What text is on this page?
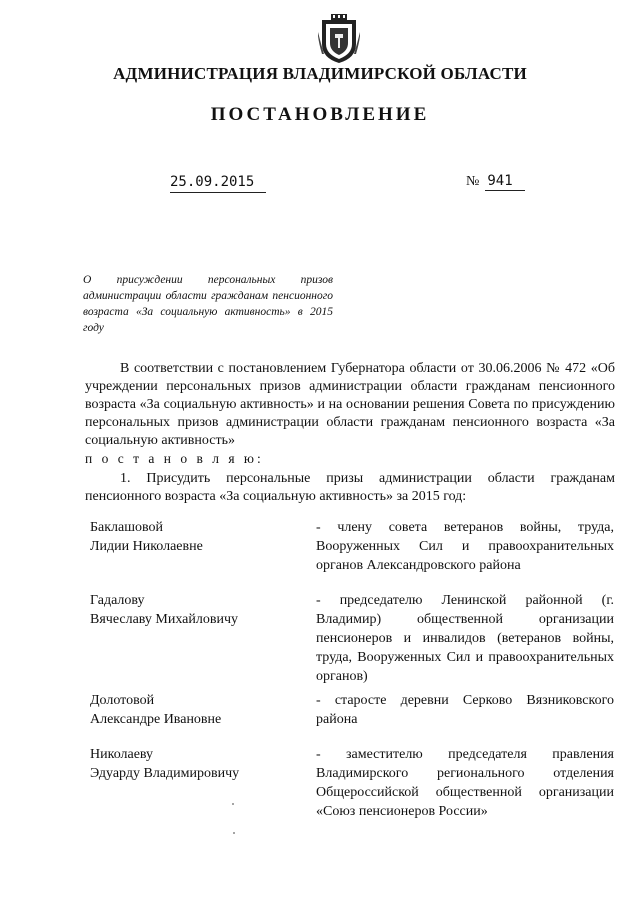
АДМИНИСТРАЦИЯ ВЛАДИМИРСКОЙ ОБЛАСТИ
ПОСТАНОВЛЕНИЕ
25.09.2015	№ 941
О присуждении персональных призов администрации области гражданам пенсионного возраста «За социальную активность» в 2015 году
В соответствии с постановлением Губернатора области от 30.06.2006 № 472 «Об учреждении персональных призов администрации области гражданам пенсионного возраста «За социальную активность» и на основании решения Совета по присуждению персональных призов администрации области гражданам пенсионного возраста «За социальную активность»
п о с т а н о в л я ю:
1. Присудить персональные призы администрации области гражданам пенсионного возраста «За социальную активность» за 2015 год:
Баклашовой
Лидии Николаевне
- члену совета ветеранов войны, труда, Вооруженных Сил и правоохранительных органов Александровского района
Гадалову
Вячеславу Михайловичу
- председателю Ленинской районной (г. Владимир) общественной организации пенсионеров и инвалидов (ветеранов войны, труда, Вооруженных Сил и правоохранительных органов)
Долотовой
Александре Ивановне
- старосте деревни Серково Вязниковского района
Николаеву
Эдуарду Владимировичу
- заместителю председателя правления Владимирского регионального отделения Общероссийской общественной организации «Союз пенсионеров России»
